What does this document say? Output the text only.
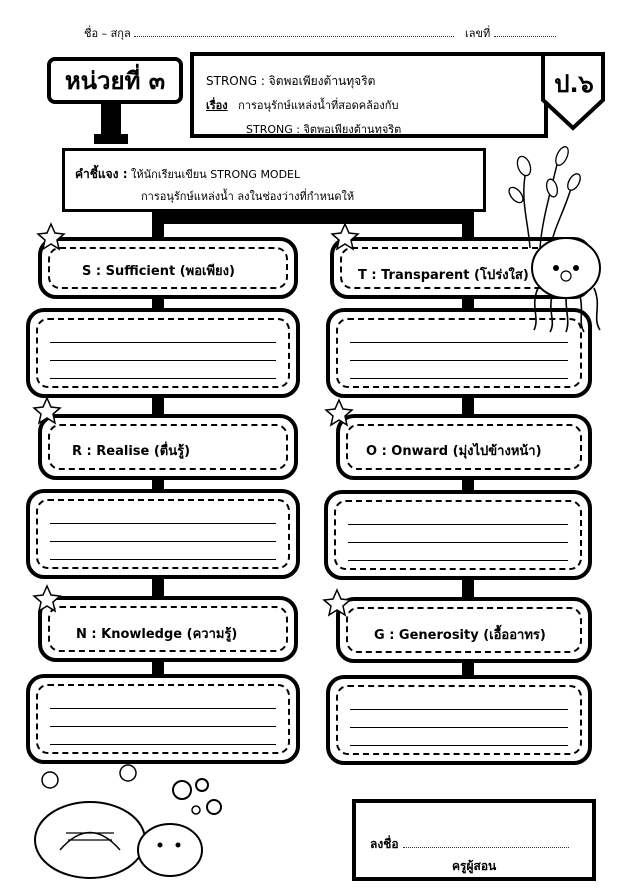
ชื่อ – สกุล	เลขที่
หน่วยที่ ๓	STRONG : จิตพอเพียงต้านทุจริต
เรื่อง การอนุรักษ์แหล่งน้ำที่สอดคล้องกับ
STRONG : จิตพอเพียงต้านทุจริต
ป.๖
คำชี้แจง : ให้นักเรียนเขียน STRONG MODEL
การอนุรักษ์แหล่งน้ำ ลงในช่องว่างที่กำหนดให้
S : Sufficient (พอเพียง)
R : Realise (ตื่นรู้)
N : Knowledge (ความรู้)
T : Transparent (โปร่งใส)
O : Onward (มุ่งไปข้างหน้า)
G : Generosity (เอื้ออาทร)
ลงชื่อ
ครูผู้สอน
